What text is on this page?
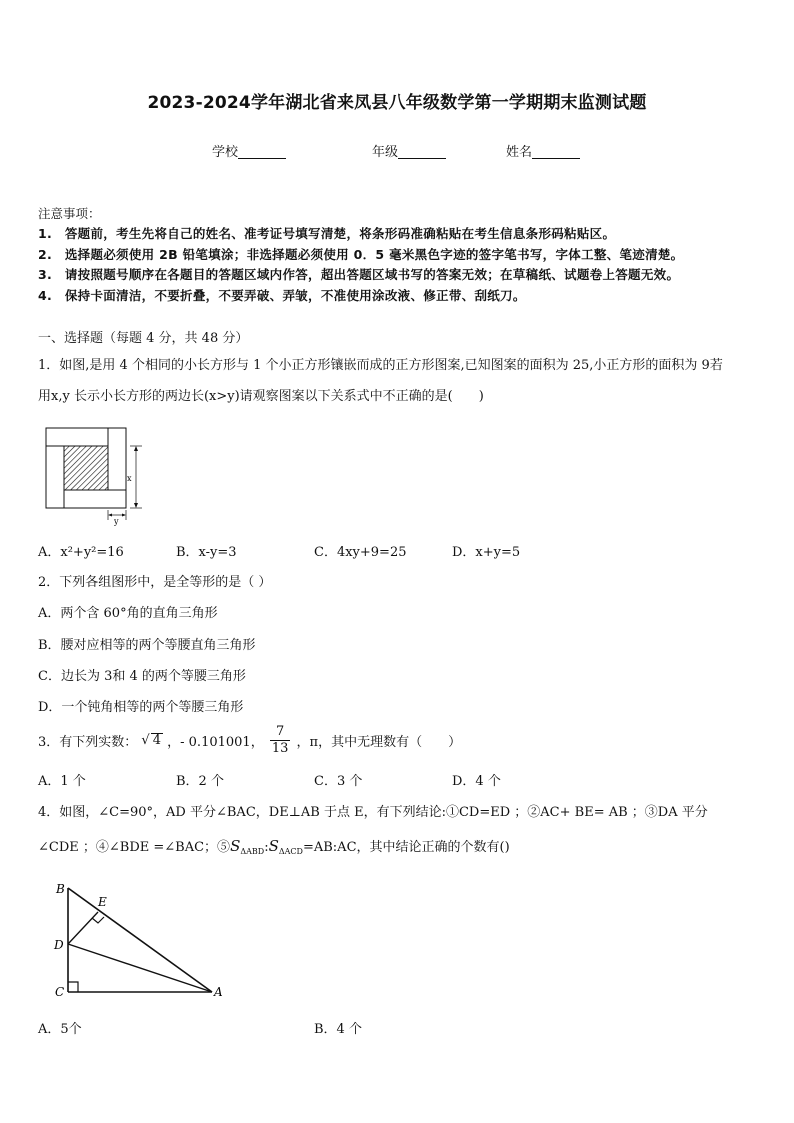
2023-2024学年湖北省来凤县八年级数学第一学期期末监测试题
学校	年级	姓名
注意事项：
1.　答题前，考生先将自己的姓名、准考证号填写清楚，将条形码准确粘贴在考生信息条形码粘贴区。
2.　选择题必须使用 2B 铅笔填涂；非选择题必须使用 0．5 毫米黑色字迹的签字笔书写，字体工整、笔迹清楚。
3.　请按照题号顺序在各题目的答题区域内作答，超出答题区域书写的答案无效；在草稿纸、试题卷上答题无效。
4.　保持卡面清洁，不要折叠，不要弄破、弄皱，不准使用涂改液、修正带、刮纸刀。
一、选择题（每题 4 分，共 48 分）
1．如图,是用 4 个相同的小长方形与 1 个小正方形镶嵌而成的正方形图案,已知图案的面积为 25,小正方形的面积为 9若
用x,y 长示小长方形的两边长(x>y)请观察图案以下关系式中不正确的是(　　)
x
y
A．x²+y²=16	B．x-y=3	C．4xy+9=25	D．x+y=5
2．下列各组图形中，是全等形的是（ ）
A．两个含 60°角的直角三角形
B．腰对应相等的两个等腰直角三角形
C．边长为 3和 4 的两个等腰三角形
D．一个钝角相等的两个等腰三角形
3．有下列实数： √ 4 ，- 0.101001， $\frac{7}{13}$ ，π，其中无理数有（　　）
A．1 个	B．2 个	C．3 个	D．4 个
4．如图，∠C=90°，AD 平分∠BAC，DE⊥AB 于点 E，有下列结论:①CD=ED ；②AC+ BE= AB ；③DA 平分
∠CDE ；④∠BDE =∠BAC；$⑤S_{\Delta ABD}:S_{\Delta ACD}=AB:AC$，其中结论正确的个数有()
B
E
D
C	A
A．5个	B．4 个
